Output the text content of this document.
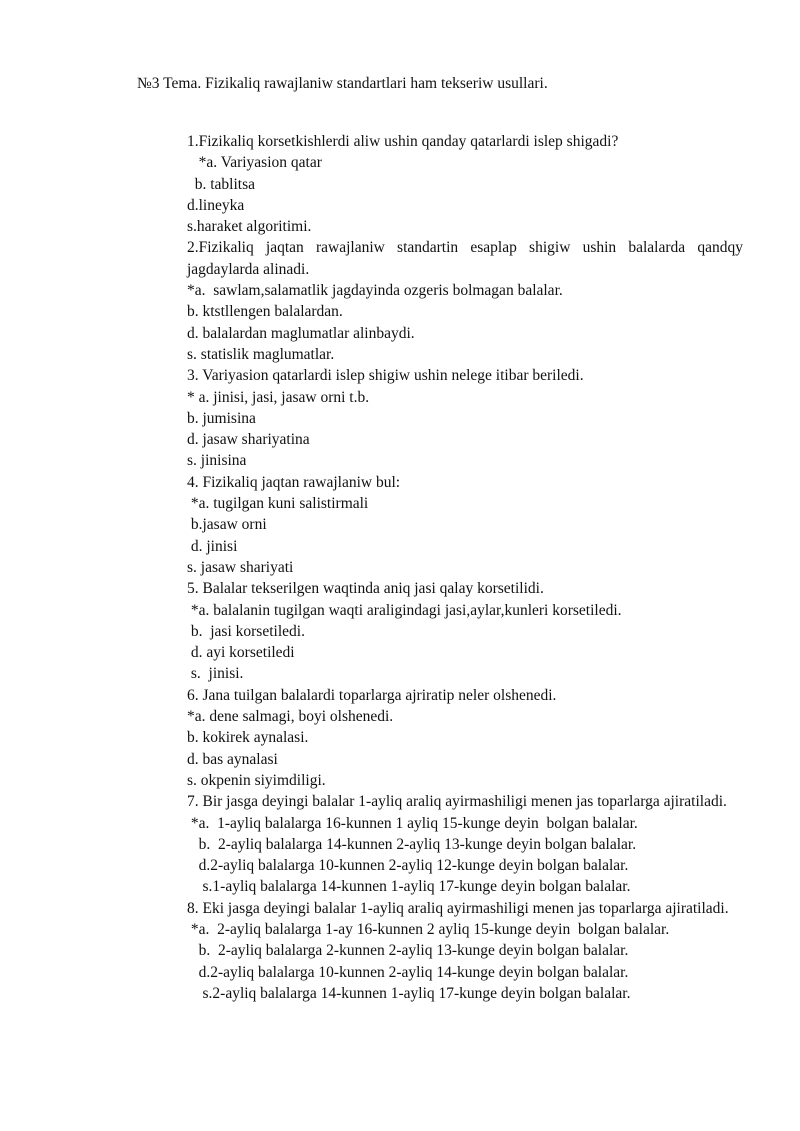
№3 Tema. Fizikaliq rawajlaniw standartlari ham tekseriw usullari.
1.Fizikaliq korsetkishlerdi aliw ushin qanday qatarlardi islep shigadi?
*a. Variyasion qatar
b. tablitsa
d.lineyka
s.haraket algoritimi.
2.Fizikaliq jaqtan rawajlaniw standartin esaplap shigiw ushin balalarda qandqy jagdaylarda alinadi.
*a.  sawlam,salamatlik jagdayinda ozgeris bolmagan balalar.
b. ktstllengen balalardan.
d. balalardan maglumatlar alinbaydi.
s. statislik maglumatlar.
3. Variyasion qatarlardi islep shigiw ushin nelege itibar beriledi.
* a. jinisi, jasi, jasaw orni t.b.
b. jumisina
d. jasaw shariyatina
s. jinisina
4. Fizikaliq jaqtan rawajlaniw bul:
*a. tugilgan kuni salistirmali
b.jasaw orni
d. jinisi
s. jasaw shariyati
5. Balalar tekserilgen waqtinda aniq jasi qalay korsetilidi.
*a. balalanin tugilgan waqti araligindagi jasi,aylar,kunleri korsetiledi.
b.  jasi korsetiledi.
d. ayi korsetiledi
s.  jinisi.
6. Jana tuilgan balalardi toparlarga ajriratip neler olshenedi.
*a. dene salmagi, boyi olshenedi.
b. kokirek aynalasi.
d. bas aynalasi
s. okpenin siyimdiligi.
7. Bir jasga deyingi balalar 1-ayliq araliq ayirmashiligi menen jas toparlarga ajiratiladi.
*a.  1-ayliq balalarga 16-kunnen 1 ayliq 15-kunge deyin  bolgan balalar.
b.  2-ayliq balalarga 14-kunnen 2-ayliq 13-kunge deyin bolgan balalar.
d.2-ayliq balalarga 10-kunnen 2-ayliq 12-kunge deyin bolgan balalar.
s.1-ayliq balalarga 14-kunnen 1-ayliq 17-kunge deyin bolgan balalar.
8. Eki jasga deyingi balalar 1-ayliq araliq ayirmashiligi menen jas toparlarga ajiratiladi.
*a.  2-ayliq balalarga 1-ay 16-kunnen 2 ayliq 15-kunge deyin  bolgan balalar.
b.  2-ayliq balalarga 2-kunnen 2-ayliq 13-kunge deyin bolgan balalar.
d.2-ayliq balalarga 10-kunnen 2-ayliq 14-kunge deyin bolgan balalar.
s.2-ayliq balalarga 14-kunnen 1-ayliq 17-kunge deyin bolgan balalar.
